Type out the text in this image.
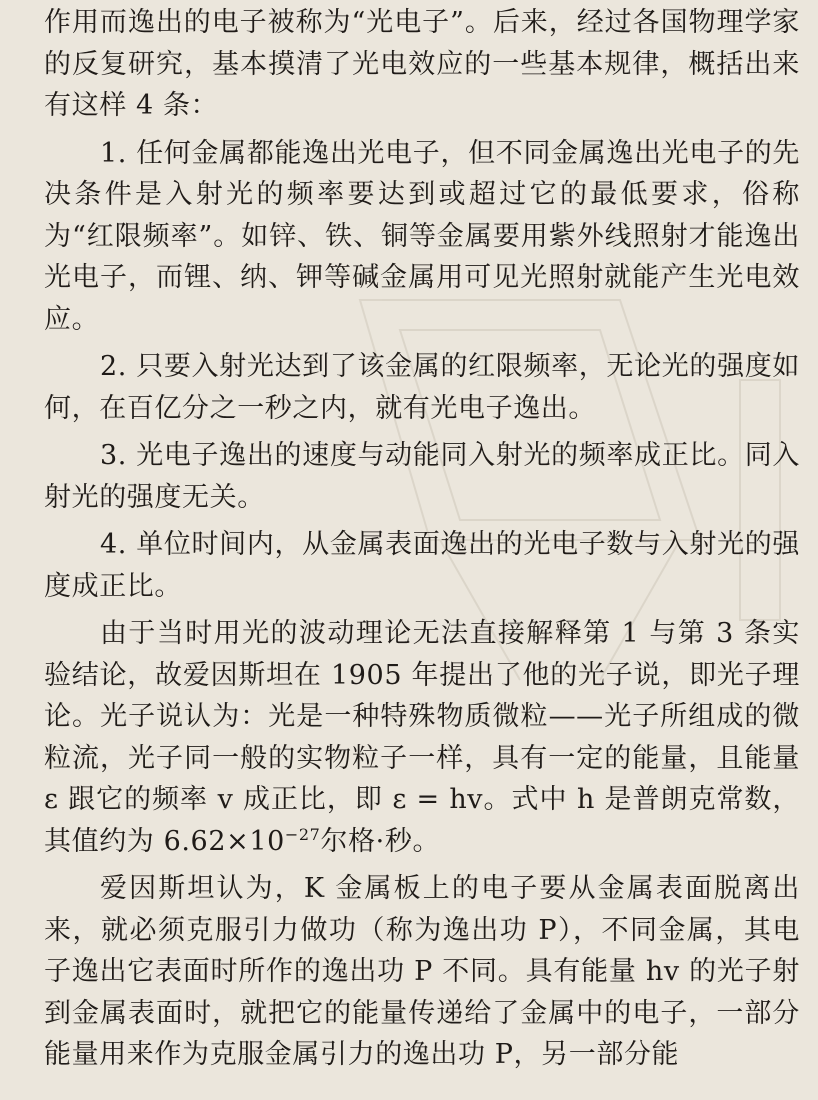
作用而逸出的电子被称为“光电子”。后来，经过各国物理学家的反复研究，基本摸清了光电效应的一些基本规律，概括出来有这样 4 条：

1. 任何金属都能逸出光电子，但不同金属逸出光电子的先决条件是入射光的频率要达到或超过它的最低要求，俗称为“红限频率”。如锌、铁、铜等金属要用紫外线照射才能逸出光电子，而锂、纳、钾等碱金属用可见光照射就能产生光电效应。

2. 只要入射光达到了该金属的红限频率，无论光的强度如何，在百亿分之一秒之内，就有光电子逸出。

3. 光电子逸出的速度与动能同入射光的频率成正比。同入射光的强度无关。

4. 单位时间内，从金属表面逸出的光电子数与入射光的强度成正比。

由于当时用光的波动理论无法直接解释第 1 与第 3 条实验结论，故爱因斯坦在 1905 年提出了他的光子说，即光子理论。光子说认为：光是一种特殊物质微粒——光子所组成的微粒流，光子同一般的实物粒子一样，具有一定的能量，且能量 ε 跟它的频率 v 成正比，即 ε = hv。式中 h 是普朗克常数，其值约为 $6.62\times 10^{-27}$尔格·秒。

爱因斯坦认为，K 金属板上的电子要从金属表面脱离出来，就必须克服引力做功（称为逸出功 P），不同金属，其电子逸出它表面时所作的逸出功 P 不同。具有能量 hv 的光子射到金属表面时，就把它的能量传递给了金属中的电子，一部分能量用来作为克服金属引力的逸出功 P，另一部分能
